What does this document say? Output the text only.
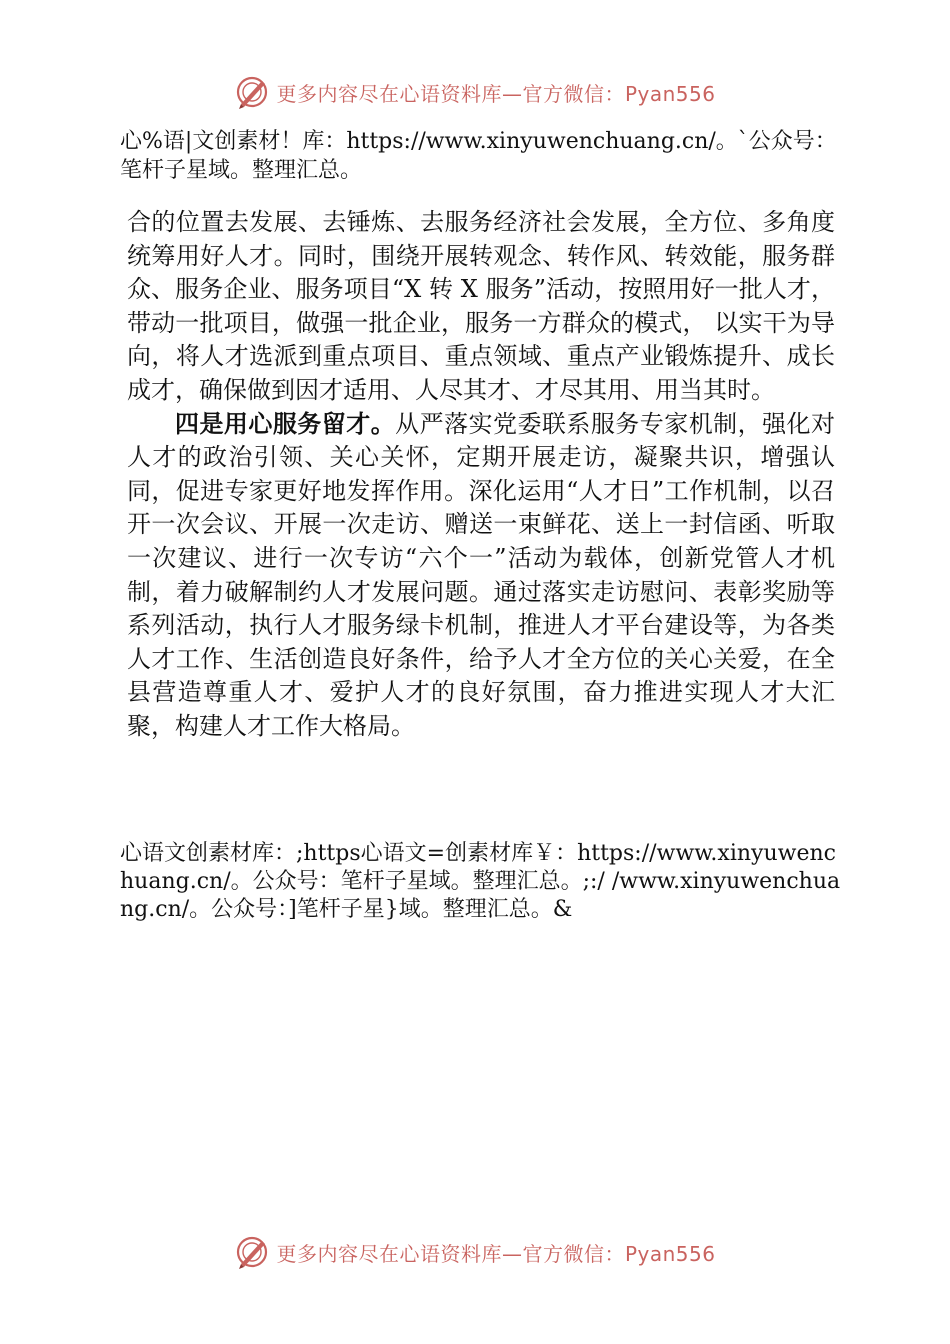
更多内容尽在心语资料库—官方微信：Pyan556
心%语|文创素材！库：https://www.xinyuwenchuang.cn/。`公众号：笔杆子星域。整理汇总。

合的位置去发展、去锤炼、去服务经济社会发展，全方位、多角度统筹用好人才。同时，围绕开展转观念、转作风、转效能，服务群众、服务企业、服务项目“X 转 X 服务”活动，按照用好一批人才，带动一批项目，做强一批企业，服务一方群众的模式， 以实干为导向，将人才选派到重点项目、重点领域、重点产业锻炼提升、成长成才，确保做到因才适用、人尽其才、才尽其用、用当其时。

四是用心服务留才。从严落实党委联系服务专家机制，强化对人才的政治引领、关心关怀，定期开展走访，凝聚共识，增强认同，促进专家更好地发挥作用。深化运用“人才日”工作机制，以召开一次会议、开展一次走访、赠送一束鲜花、送上一封信函、听取一次建议、进行一次专访“六个一”活动为载体，创新党管人才机制，着力破解制约人才发展问题。通过落实走访慰问、表彰奖励等系列活动，执行人才服务绿卡机制，推进人才平台建设等，为各类人才工作、生活创造良好条件，给予人才全方位的关心关爱，在全县营造尊重人才、爱护人才的良好氛围，奋力推进实现人才大汇聚，构建人才工作大格局。

心语文创素材库：;https心语文=创素材库￥：https://www.xinyuwenchuang.cn/。公众号：笔杆子星域。整理汇总。;:/ /www.xinyuwenchuang.cn/。公众号：]笔杆子星}域。整理汇总。&
更多内容尽在心语资料库—官方微信：Pyan556
